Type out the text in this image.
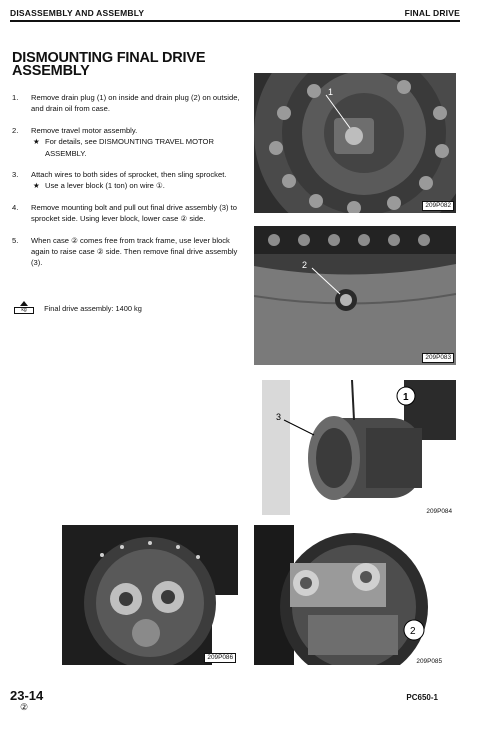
DISASSEMBLY AND ASSEMBLY	FINAL DRIVE
DISMOUNTING FINAL DRIVE
ASSEMBLY
1. Remove drain plug (1) on inside and drain plug (2) on outside, and drain oil from case.
2. Remove travel motor assembly.
★ For details, see DISMOUNTING TRAVEL MOTOR ASSEMBLY.
3. Attach wires to both sides of sprocket, then sling sprocket.
★ Use a lever block (1 ton) on wire ①.
4. Remove mounting bolt and pull out final drive assembly (3) to sprocket side. Using lever block, lower case ② side.
5. When case ② comes free from track frame, use lever block again to raise case ② side. Then remove final drive assembly (3).
kg	Final drive assembly: 1400 kg
1
209P082
2
209P083
1
3
209P084
209P086
2
209P085
23-14
②
PC650-1
